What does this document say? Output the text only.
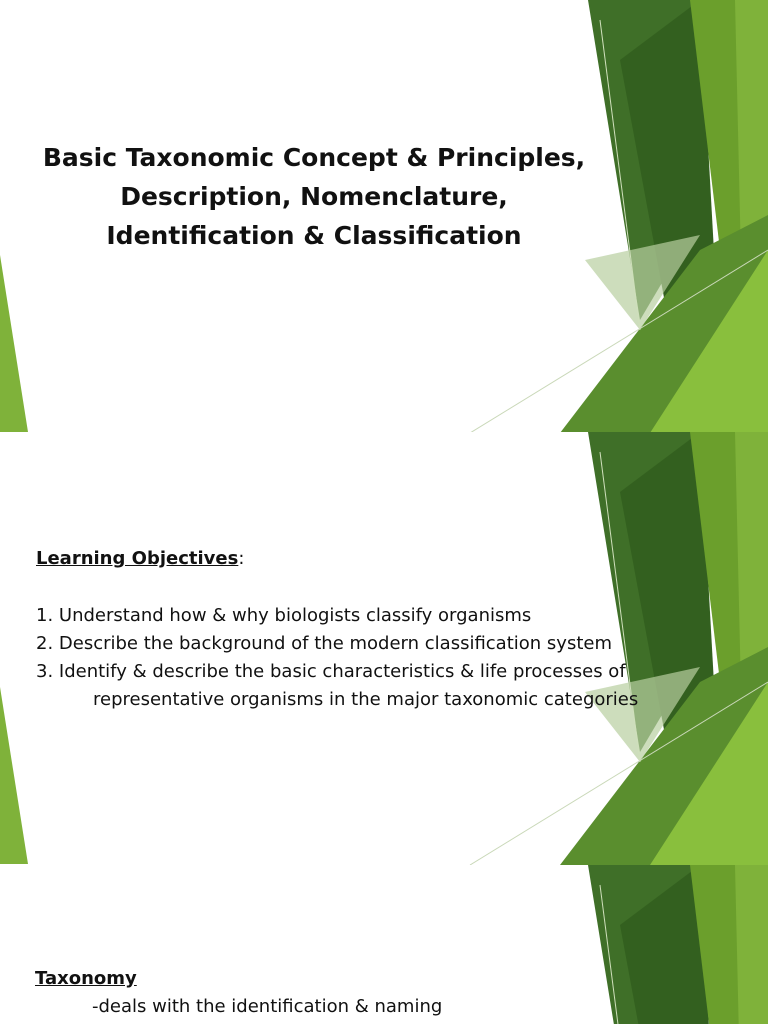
Basic Taxonomic Concept & Principles, Description, Nomenclature, Identification & Classification
Learning Objectives:
1. Understand how & why biologists classify organisms
2. Describe the background of the modern classification system
3. Identify & describe the basic characteristics & life processes of
representative organisms in the major taxonomic categories
Taxonomy
-deals with the identification & naming
